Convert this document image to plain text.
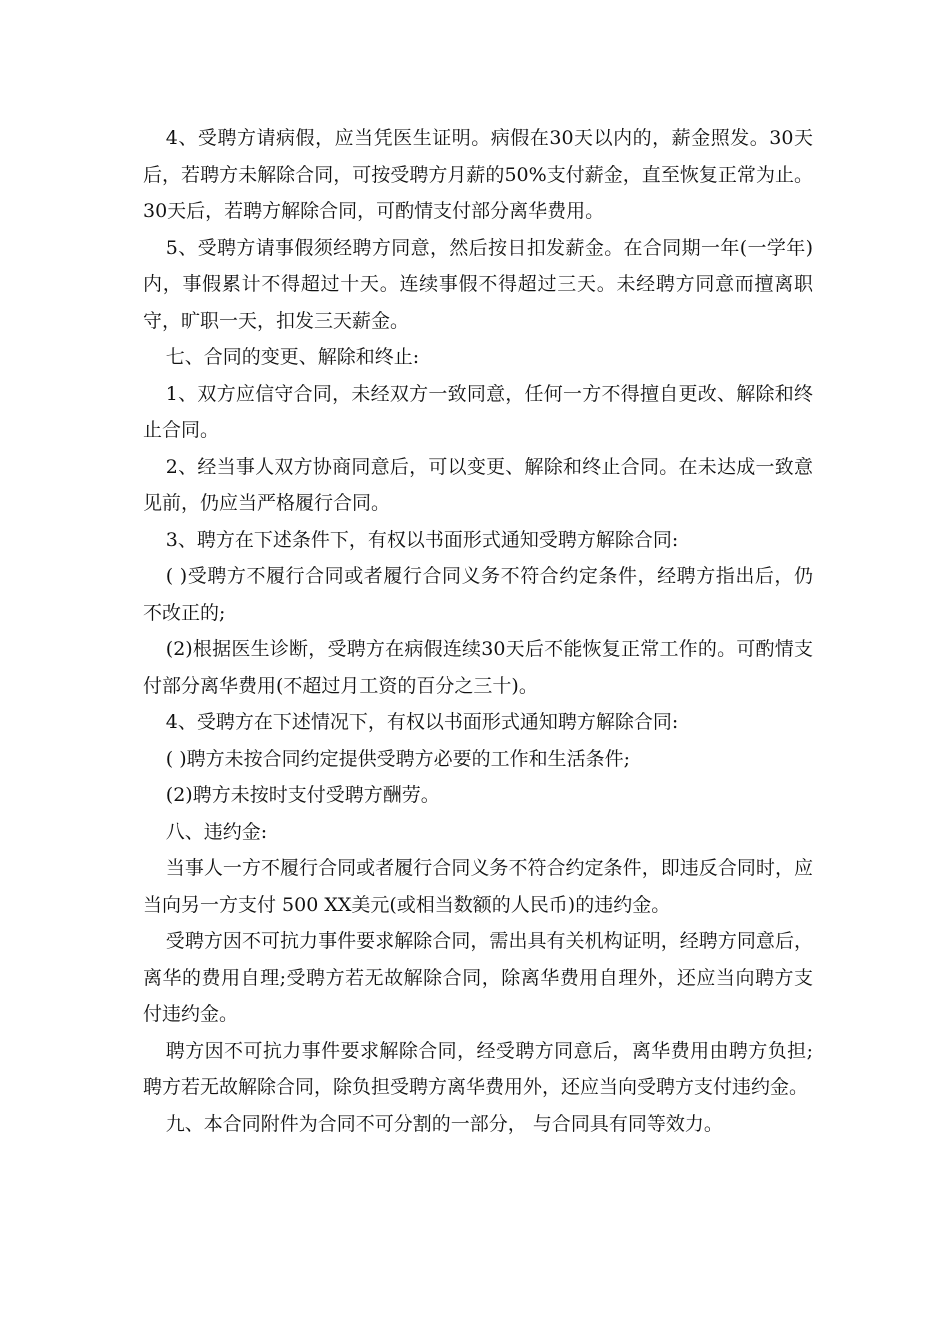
4、受聘方请病假，应当凭医生证明。病假在30天以内的，薪金照发。30天后，若聘方未解除合同，可按受聘方月薪的50%支付薪金，直至恢复正常为止。30天后，若聘方解除合同，可酌情支付部分离华费用。

5、受聘方请事假须经聘方同意，然后按日扣发薪金。在合同期一年(一学年)内，事假累计不得超过十天。连续事假不得超过三天。未经聘方同意而擅离职守，旷职一天，扣发三天薪金。

七、合同的变更、解除和终止:

1、双方应信守合同，未经双方一致同意，任何一方不得擅自更改、解除和终止合同。

2、经当事人双方协商同意后，可以变更、解除和终止合同。在未达成一致意见前，仍应当严格履行合同。

3、聘方在下述条件下，有权以书面形式通知受聘方解除合同:

( )受聘方不履行合同或者履行合同义务不符合约定条件，经聘方指出后，仍不改正的;

(2)根据医生诊断，受聘方在病假连续30天后不能恢复正常工作的。可酌情支付部分离华费用(不超过月工资的百分之三十)。

4、受聘方在下述情况下，有权以书面形式通知聘方解除合同:

( )聘方未按合同约定提供受聘方必要的工作和生活条件;

(2)聘方未按时支付受聘方酬劳。

八、违约金:

当事人一方不履行合同或者履行合同义务不符合约定条件，即违反合同时，应当向另一方支付 500 XX美元(或相当数额的人民币)的违约金。

受聘方因不可抗力事件要求解除合同，需出具有关机构证明，经聘方同意后，离华的费用自理;受聘方若无故解除合同，除离华费用自理外，还应当向聘方支付违约金。

聘方因不可抗力事件要求解除合同，经受聘方同意后，离华费用由聘方负担;聘方若无故解除合同，除负担受聘方离华费用外，还应当向受聘方支付违约金。

九、本合同附件为合同不可分割的一部分， 与合同具有同等效力。
